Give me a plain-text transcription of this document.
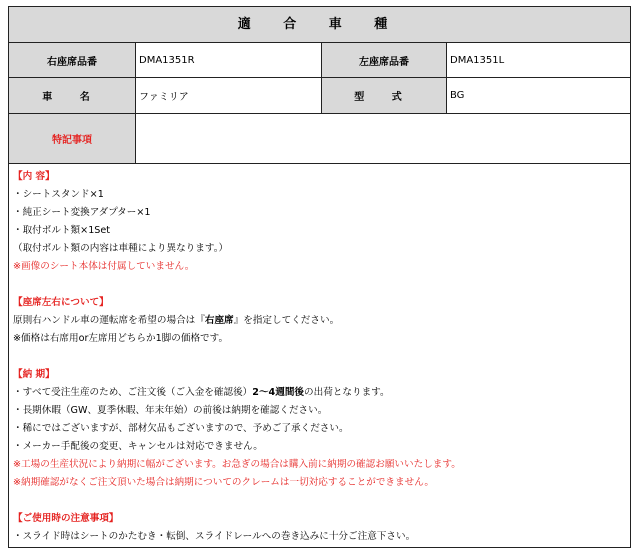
適 合 車 種
右座席品番	DMA1351R	左座席品番	DMA1351L
車 名	ファミリア	型 式	BG
特記事項
【内 容】
・シートスタンド×1
・純正シート変換アダプター×1
・取付ボルト類×1Set
（取付ボルト類の内容は車種により異なります。）
※画像のシート本体は付属していません。
【座席左右について】
原則右ハンドル車の運転席を希望の場合は『右座席』を指定してください。
※価格は右席用or左席用どちらか1脚の価格です。
【納 期】
・すべて受注生産のため、ご注文後（ご入金を確認後）2～4週間後の出荷となります。
・長期休暇（GW、夏季休暇、年末年始）の前後は納期を確認ください。
・稀にではございますが、部材欠品もございますので、予めご了承ください。
・メーカー手配後の変更、キャンセルは対応できません。
※工場の生産状況により納期に幅がございます。お急ぎの場合は購入前に納期の確認お願いいたします。
※納期確認がなくご注文頂いた場合は納期についてのクレームは一切対応することができません。
【ご使用時の注意事項】
・スライド時はシートのかたむき・転倒、スライドレールへの巻き込みに十分ご注意下さい。
